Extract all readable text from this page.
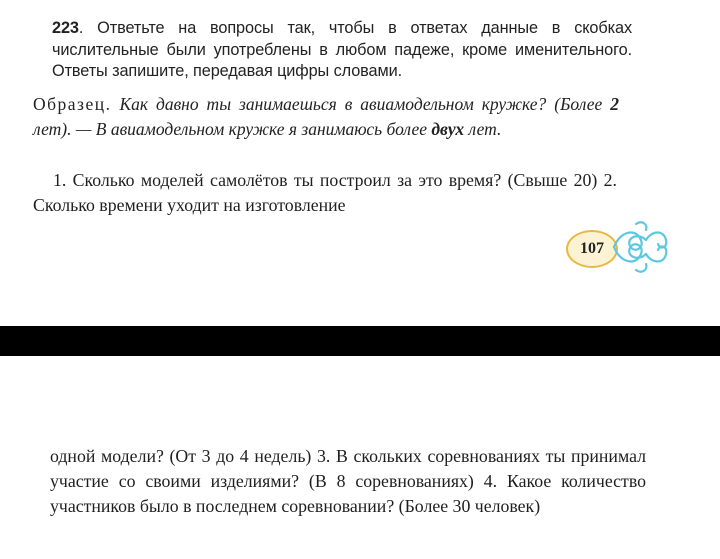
223. Ответьте на вопросы так, чтобы в ответах данные в скобках числительные были употреблены в любом падеже, кроме именительного. Ответы запишите, передавая цифры словами.
Образец. Как давно ты занимаешься в авиамодельном кружке? (Более 2 лет). — В авиамодельном кружке я занимаюсь более двух лет.
1. Сколько моделей самолётов ты построил за это время? (Свыше 20) 2. Сколько времени уходит на изготовление
107
одной модели? (От 3 до 4 недель) 3. В скольких соревнованиях ты принимал участие со своими изделиями? (В 8 соревнованиях) 4. Какое количество участников было в последнем соревновании? (Более 30 человек)
